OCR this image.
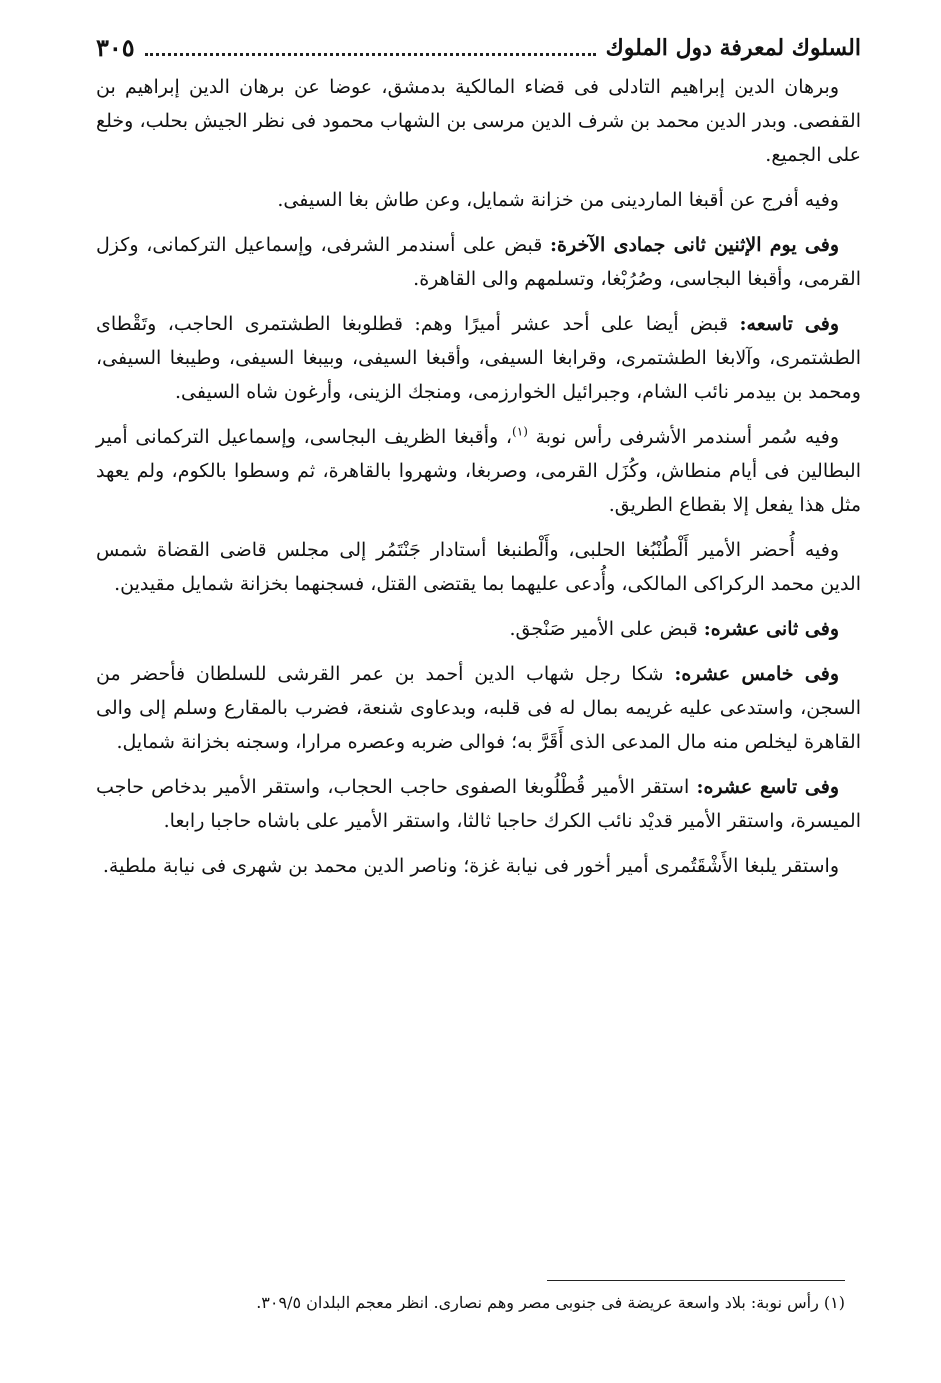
السلوك لمعرفة دول الملوك
٣٠٥

وبرهان الدين إبراهيم التادلى فى قضاء المالكية بدمشق، عوضا عن برهان الدين إبراهيم بن القفصى. وبدر الدين محمد بن شرف الدين مرسى بن الشهاب محمود فى نظر الجيش بحلب، وخلع على الجميع.

وفيه أفرج عن أقبغا الماردينى من خزانة شمايل، وعن طاش بغا السيفى.

وفى يوم الإثنين ثانى جمادى الآخرة: قبض على أسندمر الشرفى، وإسماعيل التركمانى، وكزل القرمى، وأقبغا البجاسى، وصُرُبْغا، وتسلمهم والى القاهرة.

وفى تاسعه: قبض أيضا على أحد عشر أميرًا وهم: قطلوبغا الطشتمرى الحاجب، وتَقْطاى الطشتمرى، وآلابغا الطشتمرى، وقرابغا السيفى، وأقبغا السيفى، وبيبغا السيفى، وطيبغا السيفى، ومحمد بن بيدمر نائب الشام، وجبرائيل الخوارزمى، ومنجك الزينى، وأرغون شاه السيفى.

وفيه سُمر أسندمر الأشرفى رأس نوبة $^{(١)}$، وأقبغا الظريف البجاسى، وإسماعيل التركمانى أمير البطالين فى أيام منطاش، وكُزَل القرمى، وصربغا، وشهروا بالقاهرة، ثم وسطوا بالكوم، ولم يعهد مثل هذا يفعل إلا بقطاع الطريق.

وفيه أُحضر الأمير أَلْطُنْبُغا الحلبى، وأَلْطنبغا أستادار جَنْتَمُر إلى مجلس قاضى القضاة شمس الدين محمد الركراكى المالكى، وأُدعى عليهما بما يقتضى القتل، فسجنهما بخزانة شمايل مقيدين.

وفى ثانى عشره: قبض على الأمير صَنْجق.

وفى خامس عشره: شكا رجل شهاب الدين أحمد بن عمر القرشى للسلطان فأحضر من السجن، واستدعى عليه غريمه بمال له فى قلبه، وبدعاوى شنعة، فضرب بالمقارع وسلم إلى والى القاهرة ليخلص منه مال المدعى الذى أَقَرَّ به؛ فوالى ضربه وعصره مرارا، وسجنه بخزانة شمايل.

وفى تاسع عشره: استقر الأمير قُطْلُوبغا الصفوى حاجب الحجاب، واستقر الأمير بدخاص حاجب الميسرة، واستقر الأمير قديْد نائب الكرك حاجبا ثالثا، واستقر الأمير على باشاه حاجبا رابعا.

واستقر يلبغا الأَشْقَتُمرى أمير أخور فى نيابة غزة؛ وناصر الدين محمد بن شهرى فى نيابة ملطية.

(١) رأس نوبة: بلاد واسعة عريضة فى جنوبى مصر وهم نصارى. انظر معجم البلدان ٣٠٩/٥.
